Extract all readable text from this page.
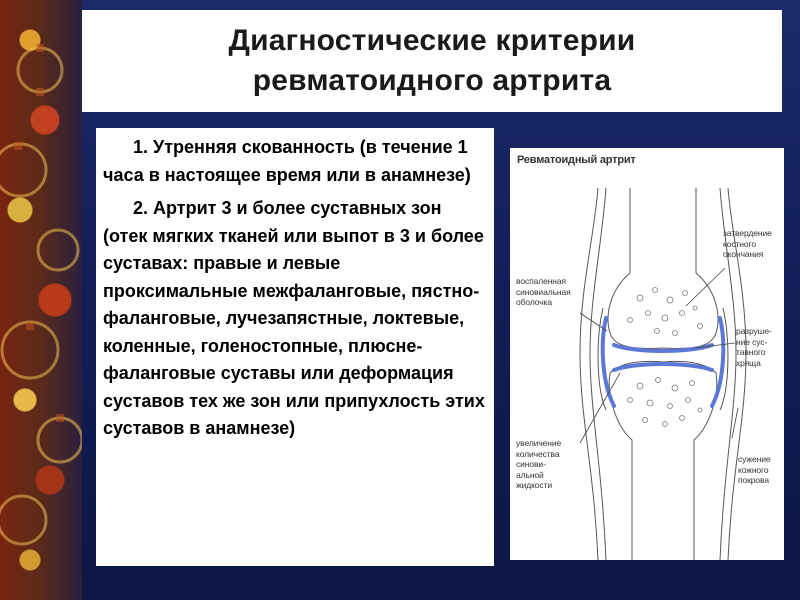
Диагностические критерии
ревматоидного артрита

1. Утренняя скованность (в течение 1 часа в настоящее время или в анамнезе)

2. Артрит 3 и более суставных зон (отек мягких тканей или выпот в 3 и более суставах: правые и левые проксимальные межфаланговые, пястно-фаланговые, лучезапястные, локтевые, коленные, голеностопные, плюсне-фаланговые суставы или деформация суставов тех же зон или припухлость этих суставов в анамнезе)

Ревматоидный артрит
затвердение
костного
окончания
воспаленная
синовиальная
оболочка
разруше-
ние сус-
тавного
хряща
увеличение
количества
синови-
альной
жидкости
сужение
кожного
покрова
